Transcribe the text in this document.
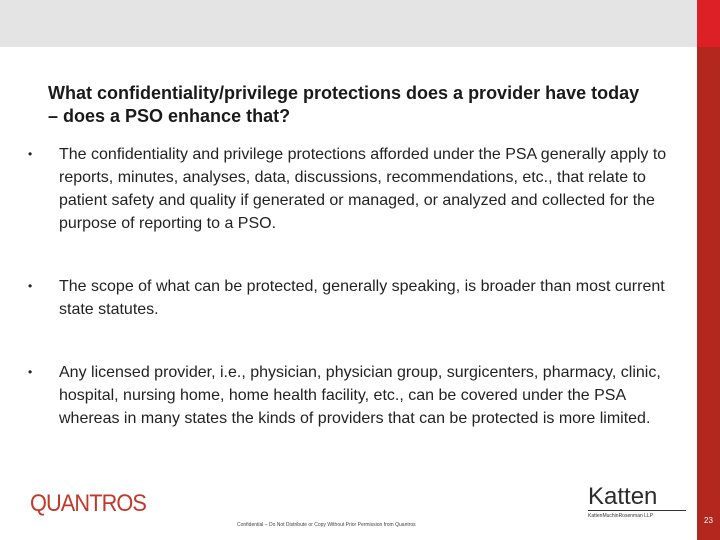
23
What confidentiality/privilege protections does a provider have today – does a PSO enhance that?
• The confidentiality and privilege protections afforded under the PSA generally apply to reports, minutes, analyses, data, discussions, recommendations, etc., that relate to patient safety and quality if generated or managed, or analyzed and collected for the purpose of reporting to a PSO.
• The scope of what can be protected, generally speaking, is broader than most current state statutes.
• Any licensed provider, i.e., physician, physician group, surgicenters, pharmacy, clinic, hospital, nursing home, home health facility, etc., can be covered under the PSA whereas in many states the kinds of providers that can be protected is more limited.
QUANTROS	Katten
KattenMuchinRosenman LLP
Confidential – Do Not Distribute or Copy Without Prior Permission from Quantros
